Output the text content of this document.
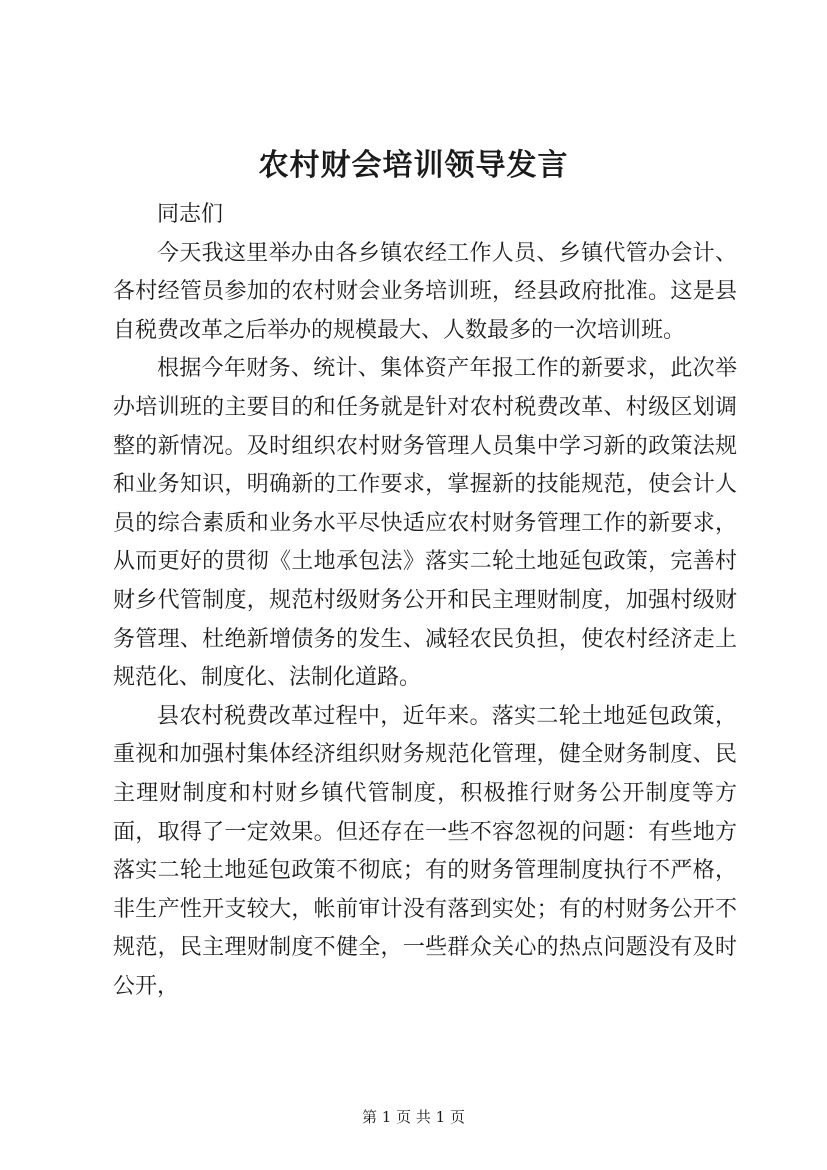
农村财会培训领导发言

同志们

今天我这里举办由各乡镇农经工作人员、乡镇代管办会计、各村经管员参加的农村财会业务培训班，经县政府批准。这是县自税费改革之后举办的规模最大、人数最多的一次培训班。

根据今年财务、统计、集体资产年报工作的新要求，此次举办培训班的主要目的和任务就是针对农村税费改革、村级区划调整的新情况。及时组织农村财务管理人员集中学习新的政策法规和业务知识，明确新的工作要求，掌握新的技能规范，使会计人员的综合素质和业务水平尽快适应农村财务管理工作的新要求，从而更好的贯彻《土地承包法》落实二轮土地延包政策，完善村财乡代管制度，规范村级财务公开和民主理财制度，加强村级财务管理、杜绝新增债务的发生、减轻农民负担，使农村经济走上规范化、制度化、法制化道路。

县农村税费改革过程中，近年来。落实二轮土地延包政策，重视和加强村集体经济组织财务规范化管理，健全财务制度、民主理财制度和村财乡镇代管制度，积极推行财务公开制度等方面，取得了一定效果。但还存在一些不容忽视的问题：有些地方落实二轮土地延包政策不彻底；有的财务管理制度执行不严格，非生产性开支较大，帐前审计没有落到实处；有的村财务公开不规范，民主理财制度不健全，一些群众关心的热点问题没有及时公开，

第 1 页 共 1 页
